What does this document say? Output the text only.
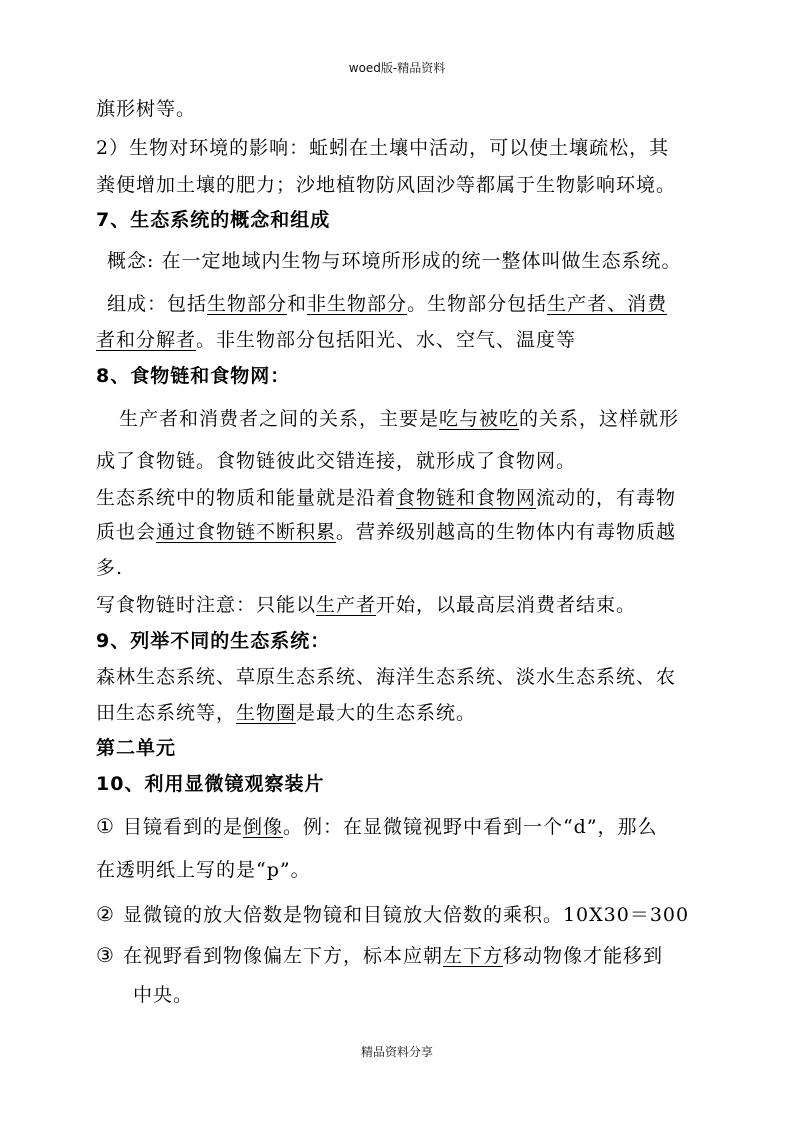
woed版-精品资料
旗形树等。
2）生物对环境的影响：蚯蚓在土壤中活动，可以使土壤疏松，其
粪便增加土壤的肥力；沙地植物防风固沙等都属于生物影响环境。
7、生态系统的概念和组成
概念: 在一定地域内生物与环境所形成的统一整体叫做生态系统。
组成：包括生物部分和非生物部分。生物部分包括生产者、消费
者和分解者。非生物部分包括阳光、水、空气、温度等
8、食物链和食物网：
生产者和消费者之间的关系，主要是吃与被吃的关系，这样就形
成了食物链。食物链彼此交错连接，就形成了食物网。
生态系统中的物质和能量就是沿着食物链和食物网流动的，有毒物
质也会通过食物链不断积累。营养级别越高的生物体内有毒物质越
多.
写食物链时注意：只能以生产者开始，以最高层消费者结束。
9、列举不同的生态系统：
森林生态系统、草原生态系统、海洋生态系统、淡水生态系统、农
田生态系统等，生物圈是最大的生态系统。
第二单元
10、利用显微镜观察装片
① 目镜看到的是倒像。例：在显微镜视野中看到一个“d”，那么
在透明纸上写的是“p”。
② 显微镜的放大倍数是物镜和目镜放大倍数的乘积。10X30＝300
③ 在视野看到物像偏左下方，标本应朝左下方移动物像才能移到
中央。
精品资料分享
